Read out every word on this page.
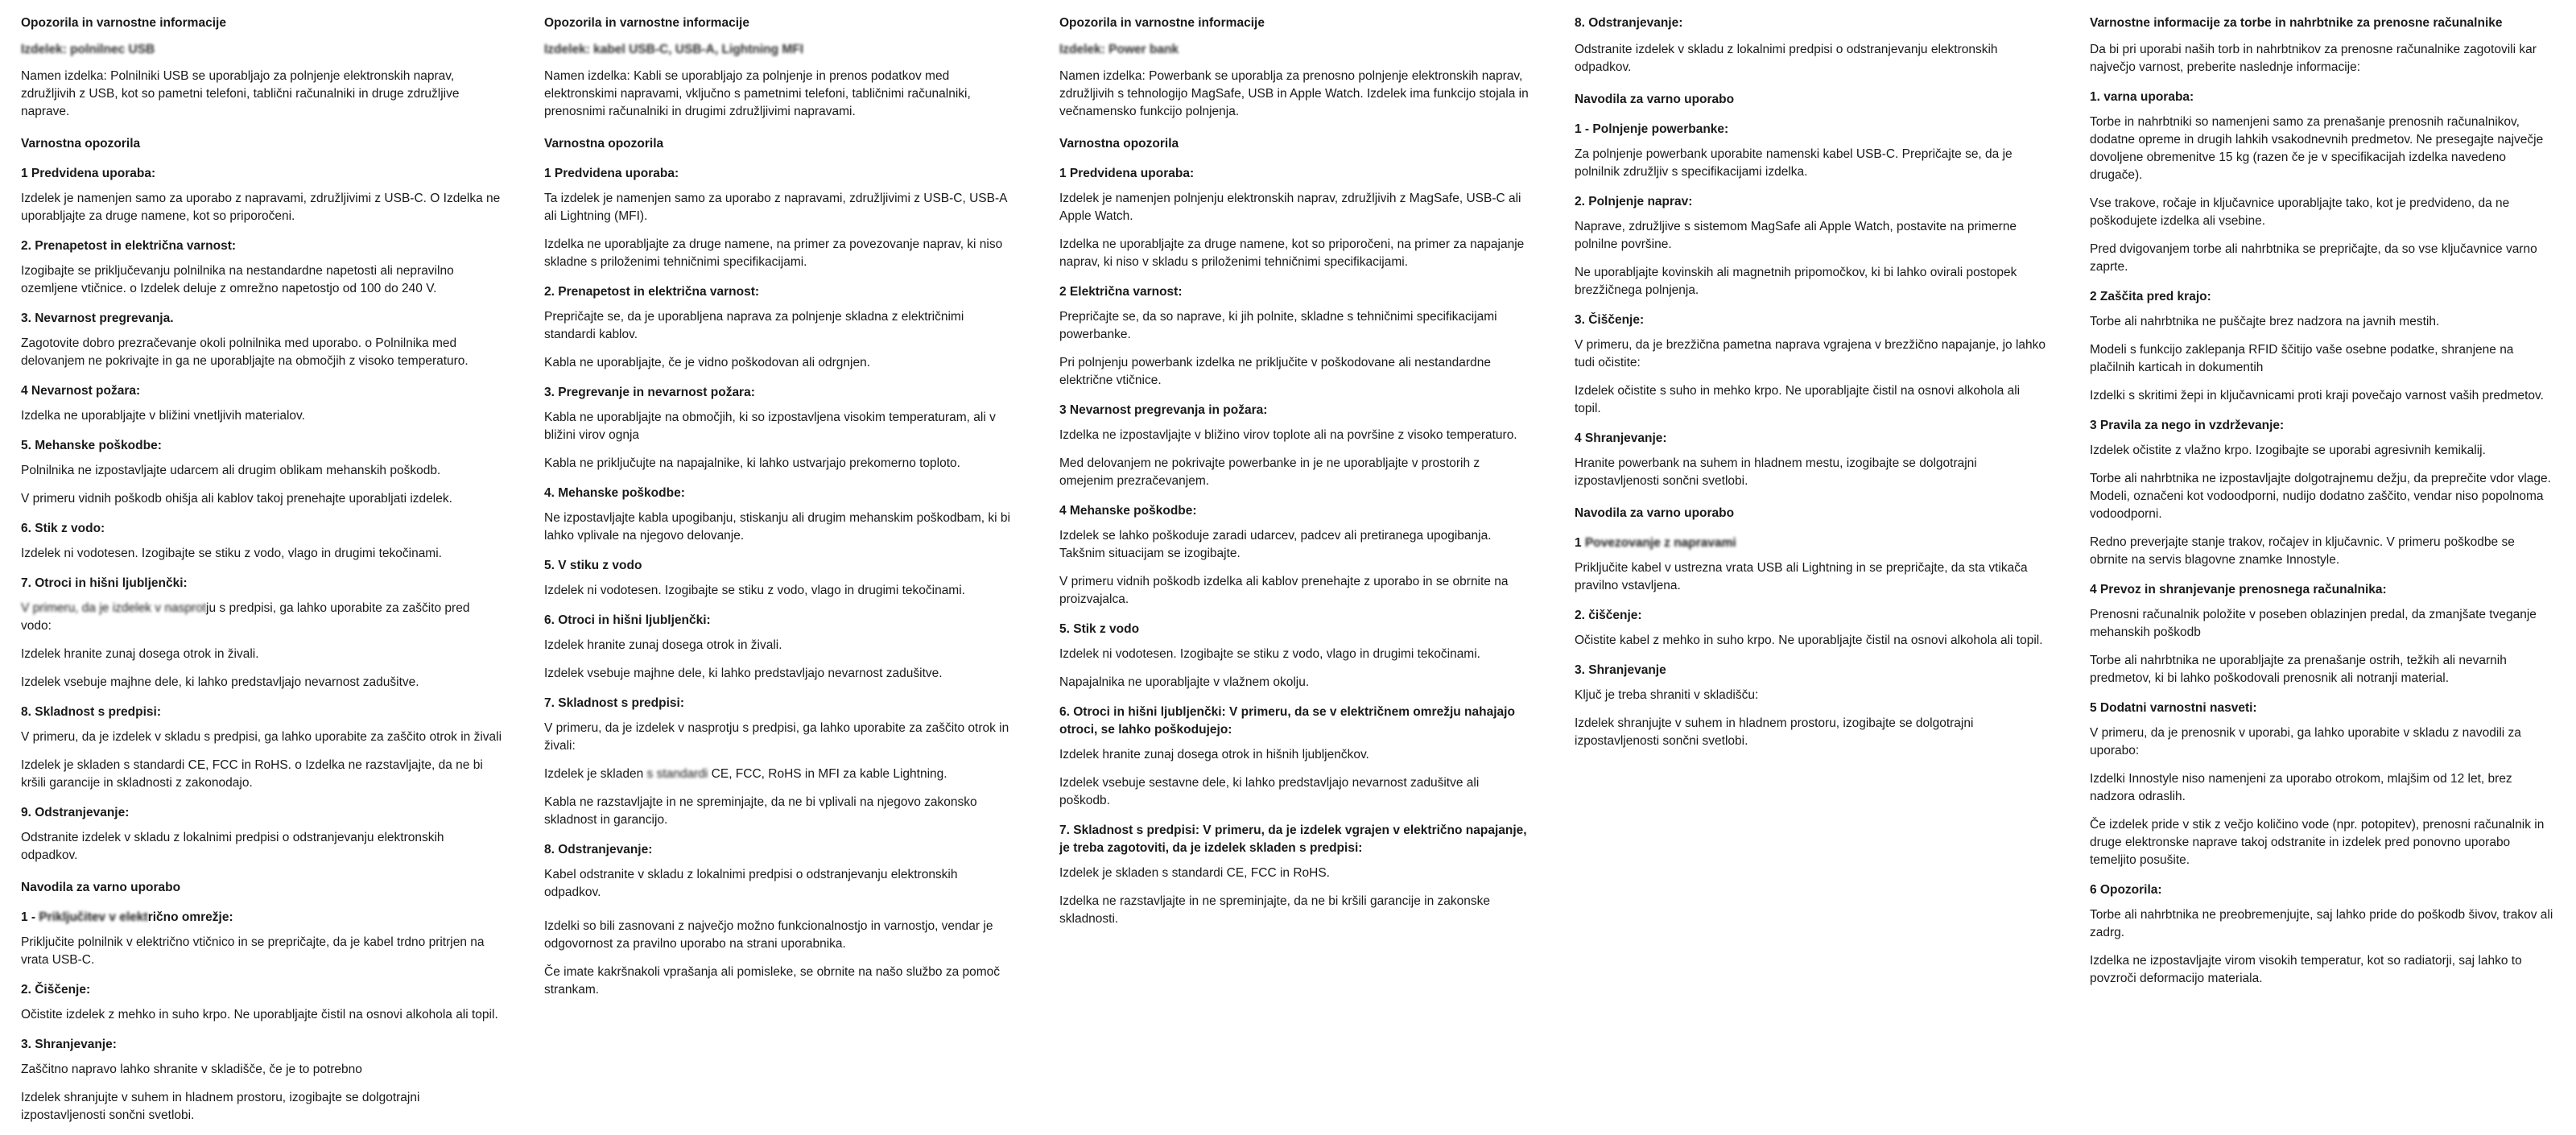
Opozorila in varnostne informacije
Izdelek: polnilnec USB
Namen izdelka: Polnilniki USB se uporabljajo za polnjenje elektronskih naprav, združljivih z USB, kot so pametni telefoni, tablični računalniki in druge združljive naprave.
Varnostna opozorila
1 Predvidena uporaba:
Izdelek je namenjen samo za uporabo z napravami, združljivimi z USB-C. O Izdelka ne uporabljajte za druge namene, kot so priporočeni.
2. Prenapetost in električna varnost:
Izogibajte se priključevanju polnilnika na nestandardne napetosti ali nepravilno ozemljene vtičnice. o Izdelek deluje z omrežno napetostjo od 100 do 240 V.
3. Nevarnost pregrevanja.
Zagotovite dobro prezračevanje okoli polnilnika med uporabo. o Polnilnika med delovanjem ne pokrivajte in ga ne uporabljajte na območjih z visoko temperaturo.
4 Nevarnost požara:
Izdelka ne uporabljajte v bližini vnetljivih materialov.
5. Mehanske poškodbe:
Polnilnika ne izpostavljajte udarcem ali drugim oblikam mehanskih poškodb.
V primeru vidnih poškodb ohišja ali kablov takoj prenehajte uporabljati izdelek.
6. Stik z vodo:
Izdelek ni vodotesen. Izogibajte se stiku z vodo, vlago in drugimi tekočinami.
7. Otroci in hišni ljubljenčki:
V primeru, da je izdelek v nasprotju s predpisi, ga lahko uporabite za zaščito pred vodo:
Izdelek hranite zunaj dosega otrok in živali.
Izdelek vsebuje majhne dele, ki lahko predstavljajo nevarnost zadušitve.
8. Skladnost s predpisi:
V primeru, da je izdelek v skladu s predpisi, ga lahko uporabite za zaščito otrok in živali
Izdelek je skladen s standardi CE, FCC in RoHS. o Izdelka ne razstavljajte, da ne bi kršili garancije in skladnosti z zakonodajo.
9. Odstranjevanje:
Odstranite izdelek v skladu z lokalnimi predpisi o odstranjevanju elektronskih odpadkov.
Navodila za varno uporabo
1 - Priključitev v električno omrežje:
Priključite polnilnik v električno vtičnico in se prepričajte, da je kabel trdno pritrjen na vrata USB-C.
2. Čiščenje:
Očistite izdelek z mehko in suho krpo. Ne uporabljajte čistil na osnovi alkohola ali topil.
3. Shranjevanje:
Zaščitno napravo lahko shranite v skladišče, če je to potrebno
Izdelek shranjujte v suhem in hladnem prostoru, izogibajte se dolgotrajni izpostavljenosti sončni svetlobi.
Opozorila in varnostne informacije
Izdelek: kabel USB-C, USB-A, Lightning MFI
Namen izdelka: Kabli se uporabljajo za polnjenje in prenos podatkov med elektronskimi napravami, vključno s pametnimi telefoni, tabličnimi računalniki, prenosnimi računalniki in drugimi združljivimi napravami.
Varnostna opozorila
1 Predvidena uporaba:
Ta izdelek je namenjen samo za uporabo z napravami, združljivimi z USB-C, USB-A ali Lightning (MFI).
Izdelka ne uporabljajte za druge namene, na primer za povezovanje naprav, ki niso skladne s priloženimi tehničnimi specifikacijami.
2. Prenapetost in električna varnost:
Prepričajte se, da je uporabljena naprava za polnjenje skladna z električnimi standardi kablov.
Kabla ne uporabljajte, če je vidno poškodovan ali odrgnjen.
3. Pregrevanje in nevarnost požara:
Kabla ne uporabljajte na območjih, ki so izpostavljena visokim temperaturam, ali v bližini virov ognja
Kabla ne priključujte na napajalnike, ki lahko ustvarjajo prekomerno toploto.
4. Mehanske poškodbe:
Ne izpostavljajte kabla upogibanju, stiskanju ali drugim mehanskim poškodbam, ki bi lahko vplivale na njegovo delovanje.
5. V stiku z vodo
Izdelek ni vodotesen. Izogibajte se stiku z vodo, vlago in drugimi tekočinami.
6. Otroci in hišni ljubljenčki:
Izdelek hranite zunaj dosega otrok in živali.
Izdelek vsebuje majhne dele, ki lahko predstavljajo nevarnost zadušitve.
7. Skladnost s predpisi:
V primeru, da je izdelek v nasprotju s predpisi, ga lahko uporabite za zaščito otrok in živali:
Izdelek je skladen s standardi CE, FCC, RoHS in MFI za kable Lightning.
Kabla ne razstavljajte in ne spreminjajte, da ne bi vplivali na njegovo zakonsko skladnost in garancijo.
8. Odstranjevanje:
Kabel odstranite v skladu z lokalnimi predpisi o odstranjevanju elektronskih odpadkov.
Izdelki so bili zasnovani z največjo možno funkcionalnostjo in varnostjo, vendar je odgovornost za pravilno uporabo na strani uporabnika.
Če imate kakršnakoli vprašanja ali pomisleke, se obrnite na našo službo za pomoč strankam.
Opozorila in varnostne informacije
Izdelek: Power bank
Namen izdelka: Powerbank se uporablja za prenosno polnjenje elektronskih naprav, združljivih s tehnologijo MagSafe, USB in Apple Watch. Izdelek ima funkcijo stojala in večnamensko funkcijo polnjenja.
Varnostna opozorila
1 Predvidena uporaba:
Izdelek je namenjen polnjenju elektronskih naprav, združljivih z MagSafe, USB-C ali Apple Watch.
Izdelka ne uporabljajte za druge namene, kot so priporočeni, na primer za napajanje naprav, ki niso v skladu s priloženimi tehničnimi specifikacijami.
2 Električna varnost:
Prepričajte se, da so naprave, ki jih polnite, skladne s tehničnimi specifikacijami powerbanke.
Pri polnjenju powerbank izdelka ne priključite v poškodovane ali nestandardne električne vtičnice.
3 Nevarnost pregrevanja in požara:
Izdelka ne izpostavljajte v bližino virov toplote ali na površine z visoko temperaturo.
Med delovanjem ne pokrivajte powerbanke in je ne uporabljajte v prostorih z omejenim prezračevanjem.
4 Mehanske poškodbe:
Izdelek se lahko poškoduje zaradi udarcev, padcev ali pretiranega upogibanja. Takšnim situacijam se izogibajte.
V primeru vidnih poškodb izdelka ali kablov prenehajte z uporabo in se obrnite na proizvajalca.
5. Stik z vodo
Izdelek ni vodotesen. Izogibajte se stiku z vodo, vlago in drugimi tekočinami.
Napajalnika ne uporabljajte v vlažnem okolju.
6. Otroci in hišni ljubljenčki: V primeru, da se v električnem omrežju nahajajo otroci, se lahko poškodujejo:
Izdelek hranite zunaj dosega otrok in hišnih ljubljenčkov.
Izdelek vsebuje sestavne dele, ki lahko predstavljajo nevarnost zadušitve ali poškodb.
7. Skladnost s predpisi: V primeru, da je izdelek vgrajen v električno napajanje, je treba zagotoviti, da je izdelek skladen s predpisi:
Izdelek je skladen s standardi CE, FCC in RoHS.
Izdelka ne razstavljajte in ne spreminjajte, da ne bi kršili garancije in zakonske skladnosti.
8. Odstranjevanje:
Odstranite izdelek v skladu z lokalnimi predpisi o odstranjevanju elektronskih odpadkov.
Navodila za varno uporabo
1 - Polnjenje powerbanke:
Za polnjenje powerbank uporabite namenski kabel USB-C. Prepričajte se, da je polnilnik združljiv s specifikacijami izdelka.
2. Polnjenje naprav:
Naprave, združljive s sistemom MagSafe ali Apple Watch, postavite na primerne polnilne površine.
Ne uporabljajte kovinskih ali magnetnih pripomočkov, ki bi lahko ovirali postopek brezžičnega polnjenja.
3. Čiščenje:
V primeru, da je brezžična pametna naprava vgrajena v brezžično napajanje, jo lahko tudi očistite:
Izdelek očistite s suho in mehko krpo. Ne uporabljajte čistil na osnovi alkohola ali topil.
4 Shranjevanje:
Hranite powerbank na suhem in hladnem mestu, izogibajte se dolgotrajni izpostavljenosti sončni svetlobi.
Navodila za varno uporabo
1 Povezovanje z napravami
Priključite kabel v ustrezna vrata USB ali Lightning in se prepričajte, da sta vtikača pravilno vstavljena.
2. čiščenje:
Očistite kabel z mehko in suho krpo. Ne uporabljajte čistil na osnovi alkohola ali topil.
3. Shranjevanje
Ključ je treba shraniti v skladišču:
Izdelek shranjujte v suhem in hladnem prostoru, izogibajte se dolgotrajni izpostavljenosti sončni svetlobi.
Varnostne informacije za torbe in nahrbtnike za prenosne računalnike
Da bi pri uporabi naših torb in nahrbtnikov za prenosne računalnike zagotovili kar največjo varnost, preberite naslednje informacije:
1. varna uporaba:
Torbe in nahrbtniki so namenjeni samo za prenašanje prenosnih računalnikov, dodatne opreme in drugih lahkih vsakodnevnih predmetov. Ne presegajte največje dovoljene obremenitve 15 kg (razen če je v specifikacijah izdelka navedeno drugače).
Vse trakove, ročaje in ključavnice uporabljajte tako, kot je predvideno, da ne poškodujete izdelka ali vsebine.
Pred dvigovanjem torbe ali nahrbtnika se prepričajte, da so vse ključavnice varno zaprte.
2 Zaščita pred krajo:
Torbe ali nahrbtnika ne puščajte brez nadzora na javnih mestih.
Modeli s funkcijo zaklepanja RFID ščitijo vaše osebne podatke, shranjene na plačilnih karticah in dokumentih
Izdelki s skritimi žepi in ključavnicami proti kraji povečajo varnost vaših predmetov.
3 Pravila za nego in vzdrževanje:
Izdelek očistite z vlažno krpo. Izogibajte se uporabi agresivnih kemikalij.
Torbe ali nahrbtnika ne izpostavljajte dolgotrajnemu dežju, da preprečite vdor vlage. Modeli, označeni kot vodoodporni, nudijo dodatno zaščito, vendar niso popolnoma vodoodporni.
Redno preverjajte stanje trakov, ročajev in ključavnic. V primeru poškodbe se obrnite na servis blagovne znamke Innostyle.
4 Prevoz in shranjevanje prenosnega računalnika:
Prenosni računalnik položite v poseben oblazinjen predal, da zmanjšate tveganje mehanskih poškodb
Torbe ali nahrbtnika ne uporabljajte za prenašanje ostrih, težkih ali nevarnih predmetov, ki bi lahko poškodovali prenosnik ali notranji material.
5 Dodatni varnostni nasveti:
V primeru, da je prenosnik v uporabi, ga lahko uporabite v skladu z navodili za uporabo:
Izdelki Innostyle niso namenjeni za uporabo otrokom, mlajšim od 12 let, brez nadzora odraslih.
Če izdelek pride v stik z večjo količino vode (npr. potopitev), prenosni računalnik in druge elektronske naprave takoj odstranite in izdelek pred ponovno uporabo temeljito posušite.
6 Opozorila:
Torbe ali nahrbtnika ne preobremenjujte, saj lahko pride do poškodb šivov, trakov ali zadrg.
Izdelka ne izpostavljajte virom visokih temperatur, kot so radiatorji, saj lahko to povzroči deformacijo materiala.
